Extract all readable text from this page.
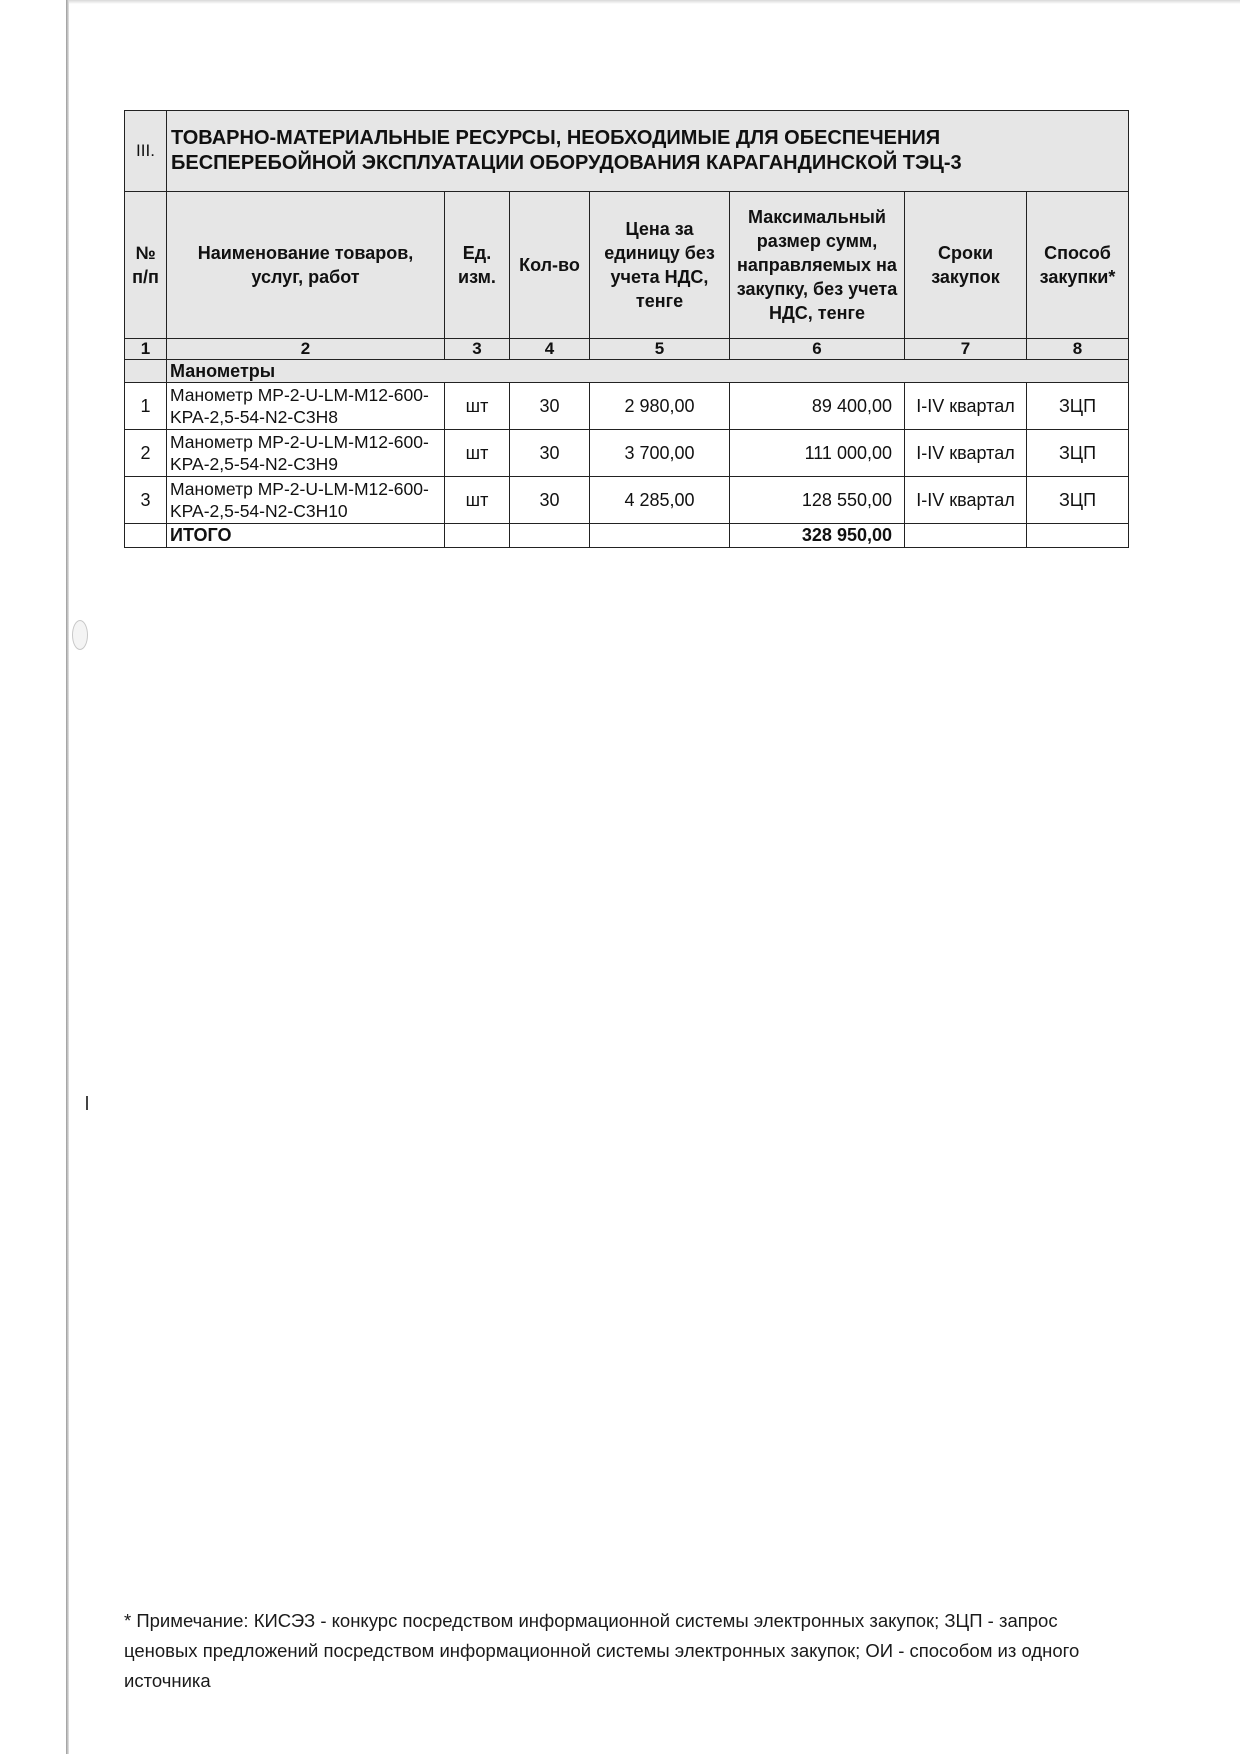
III.	ТОВАРНО-МАТЕРИАЛЬНЫЕ РЕСУРСЫ, НЕОБХОДИМЫЕ ДЛЯ ОБЕСПЕЧЕНИЯ БЕСПЕРЕБОЙНОЙ ЭКСПЛУАТАЦИИ ОБОРУДОВАНИЯ КАРАГАНДИНСКОЙ ТЭЦ-3						
№ п/п	Наименование товаров, услуг, работ	Ед. изм.	Кол-во	Цена за единицу без учета НДС, тенге	Максимальный размер сумм, направляемых на закупку, без учета НДС, тенге	Сроки закупок	Способ закупки*
1	2	3	4	5	6	7	8
	Манометры						
1	Манометр МР-2-U-LM-M12-600-KPA-2,5-54-N2-C3H8	шт	30	2 980,00	89 400,00	I-IV квартал	ЗЦП
2	Манометр МР-2-U-LM-M12-600-KPA-2,5-54-N2-C3H9	шт	30	3 700,00	111 000,00	I-IV квартал	ЗЦП
3	Манометр МР-2-U-LM-M12-600-KPA-2,5-54-N2-C3H10	шт	30	4 285,00	128 550,00	I-IV квартал	ЗЦП
	ИТОГО				328 950,00		
* Примечание: КИСЭЗ - конкурс посредством информационной системы электронных закупок; ЗЦП - запрос ценовых предложений посредством информационной системы электронных закупок; ОИ - способом из одного источника
